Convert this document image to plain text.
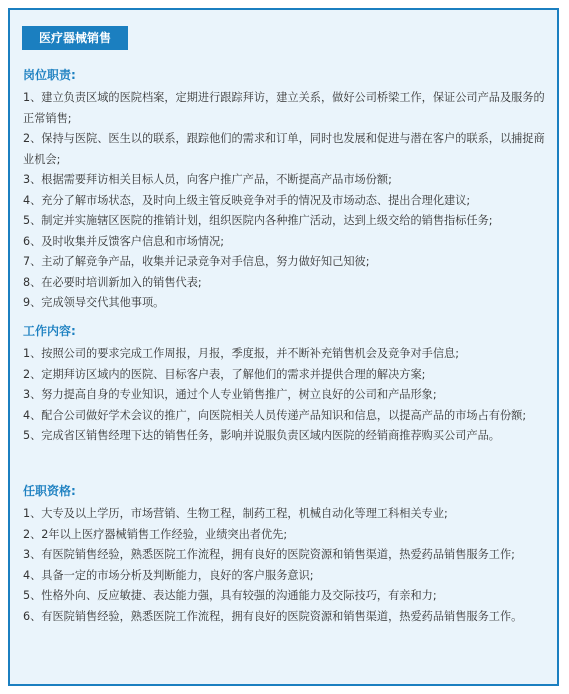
医疗器械销售
岗位职责:
1、建立负责区域的医院档案，定期进行跟踪拜访，建立关系，做好公司桥梁工作，保证公司产品及服务的正常销售;
2、保持与医院、医生以的联系，跟踪他们的需求和订单，同时也发展和促进与潜在客户的联系，以捕捉商业机会;
3、根据需要拜访相关目标人员，向客户推广产品，不断提高产品市场份额;
4、充分了解市场状态，及时向上级主管反映竞争对手的情况及市场动态、提出合理化建议;
5、制定并实施辖区医院的推销计划，组织医院内各种推广活动，达到上级交给的销售指标任务;
6、及时收集并反馈客户信息和市场情况;
7、主动了解竞争产品，收集并记录竞争对手信息，努力做好知己知彼;
8、在必要时培训新加入的销售代表;
9、完成领导交代其他事项。
工作内容:
1、按照公司的要求完成工作周报，月报，季度报，并不断补充销售机会及竞争对手信息;
2、定期拜访区域内的医院、目标客户表，了解他们的需求并提供合理的解决方案;
3、努力提高自身的专业知识，通过个人专业销售推广，树立良好的公司和产品形象;
4、配合公司做好学术会议的推广，向医院相关人员传递产品知识和信息，以提高产品的市场占有份额;
5、完成省区销售经理下达的销售任务，影响并说服负责区域内医院的经销商推荐购买公司产品。
任职资格:
1、大专及以上学历，市场营销、生物工程，制药工程，机械自动化等理工科相关专业;
2、2年以上医疗器械销售工作经验，业绩突出者优先;
3、有医院销售经验，熟悉医院工作流程，拥有良好的医院资源和销售渠道，热爱药品销售服务工作;
4、具备一定的市场分析及判断能力，良好的客户服务意识;
5、性格外向、反应敏捷、表达能力强，具有较强的沟通能力及交际技巧，有亲和力;
6、有医院销售经验，熟悉医院工作流程，拥有良好的医院资源和销售渠道，热爱药品销售服务工作。
